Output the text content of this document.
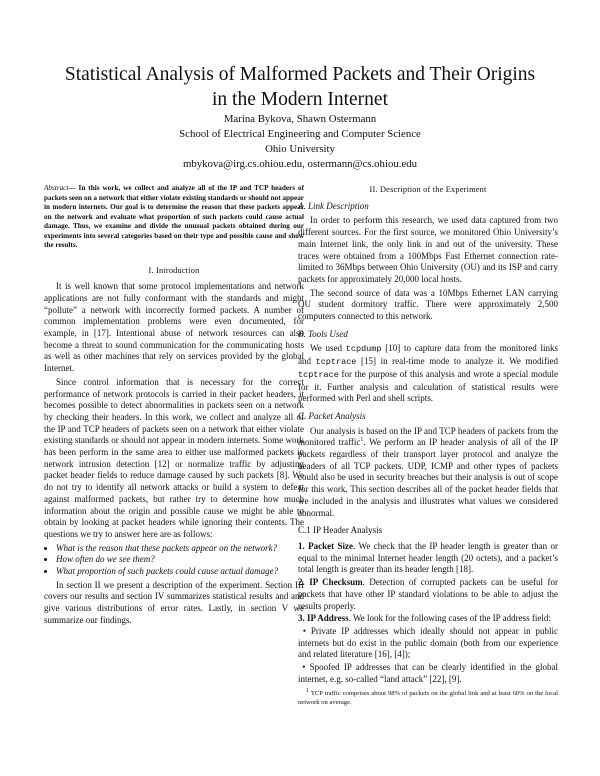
Statistical Analysis of Malformed Packets and Their Origins
in the Modern Internet
Marina Bykova, Shawn Ostermann
School of Electrical Engineering and Computer Science
Ohio University
mbykova@irg.cs.ohiou.edu, ostermann@cs.ohiou.edu
Abstract— In this work, we collect and analyze all of the IP and TCP headers of packets seen on a network that either violate existing standards or should not appear in modern internets. Our goal is to determine the reason that these packets appear on the network and evaluate what proportion of such packets could cause actual damage. Thus, we examine and divide the unusual packets obtained during our experiments into several categories based on their type and possible cause and show the results.
I. Introduction

It is well known that some protocol implementations and network applications are not fully conformant with the standards and might “pollute” a network with incorrectly formed packets. A number of common implementation problems were even documented, for example, in [17]. Intentional abuse of network resources can also become a threat to sound communication for the communicating hosts as well as other machines that rely on services provided by the global Internet.

Since control information that is necessary for the correct performance of network protocols is carried in their packet headers, it becomes possible to detect abnormalities in packets seen on a network by checking their headers. In this work, we collect and analyze all of the IP and TCP headers of packets seen on a network that either violate existing standards or should not appear in modern internets. Some work has been perform in the same area to either use malformed packets in network intrusion detection [12] or normalize traffic by adjusting packet header fields to reduce damage caused by such packets [8]. We do not try to identify all network attacks or build a system to defeat against malformed packets, but rather try to determine how much information about the origin and possible cause we might be able to obtain by looking at packet headers while ignoring their contents. The questions we try to answer here are as follows:

• What is the reason that these packets appear on the network?
• How often do we see them?
• What proportion of such packets could cause actual damage?

In section II we present a description of the experiment. Section III covers our results and section IV summarizes statistical results and and give various distributions of error rates. Lastly, in section V we summarize our findings.

II. Description of the Experiment
A. Link Description

In order to perform this research, we used data captured from two different sources. For the first source, we monitored Ohio University’s main Internet link, the only link in and out of the university. These traces were obtained from a 100Mbps Fast Ethernet connection rate-limited to 36Mbps between Ohio University (OU) and its ISP and carry packets for approximately 20,000 local hosts.

The second source of data was a 10Mbps Ethernet LAN carrying OU student dormitory traffic. There were approximately 2,500 computers connected to this network.

B. Tools Used

We used tcpdump [10] to capture data from the monitored links and tcptrace [15] in real-time mode to analyze it. We modified tcptrace for the purpose of this analysis and wrote a special module for it. Further analysis and calculation of statistical results were performed with Perl and shell scripts.

C. Packet Analysis

Our analysis is based on the IP and TCP headers of packets from the monitored traffic$^1$. We perform an IP header analysis of all of the IP packets regardless of their transport layer protocol and analyze the headers of all TCP packets. UDP, ICMP and other types of packets could also be used in security breaches but their analysis is out of scope for this work. This section describes all of the packet header fields that we included in the analysis and illustrates what values we considered abnormal.

C.1 IP Header Analysis
1. Packet Size. We check that the IP header length is greater than or equal to the minimal Internet header length (20 octets), and a packet’s total length is greater than its header length [18].
2. IP Checksum. Detection of corrupted packets can be useful for packets that have other IP standard violations to be able to adjust the results properly.
3. IP Address. We look for the following cases of the IP address field:
• Private IP addresses which ideally should not appear in public internets but do exist in the public domain (both from our experience and related literature [16], [4]);
• Spoofed IP addresses that can be clearly identified in the global internet, e.g. so-called “land attack” [22], [9].
$^1$ TCP traffic comprises about 98% of packets on the global link and at least 60% on the local network on average.
